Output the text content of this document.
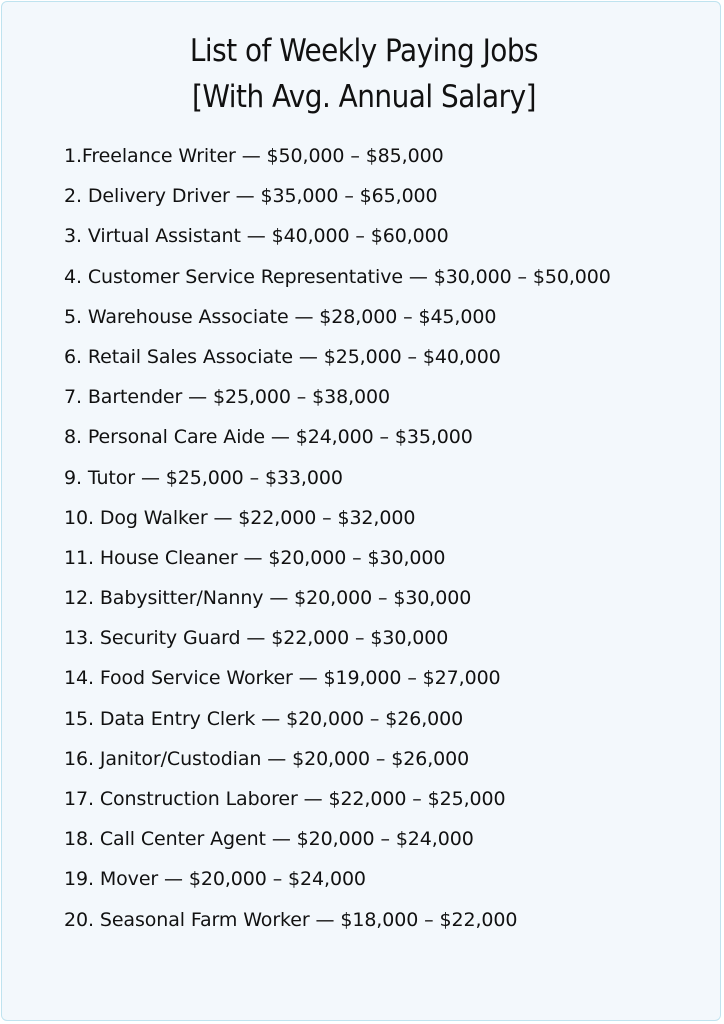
List of Weekly Paying Jobs
[With Avg. Annual Salary]
1.Freelance Writer — $50,000 – $85,000
2. Delivery Driver — $35,000 – $65,000
3. Virtual Assistant — $40,000 – $60,000
4. Customer Service Representative — $30,000 – $50,000
5. Warehouse Associate — $28,000 – $45,000
6. Retail Sales Associate — $25,000 – $40,000
7. Bartender — $25,000 – $38,000
8. Personal Care Aide — $24,000 – $35,000
9. Tutor — $25,000 – $33,000
10. Dog Walker — $22,000 – $32,000
11. House Cleaner — $20,000 – $30,000
12. Babysitter/Nanny — $20,000 – $30,000
13. Security Guard — $22,000 – $30,000
14. Food Service Worker — $19,000 – $27,000
15. Data Entry Clerk — $20,000 – $26,000
16. Janitor/Custodian — $20,000 – $26,000
17. Construction Laborer — $22,000 – $25,000
18. Call Center Agent — $20,000 – $24,000
19. Mover — $20,000 – $24,000
20. Seasonal Farm Worker — $18,000 – $22,000
